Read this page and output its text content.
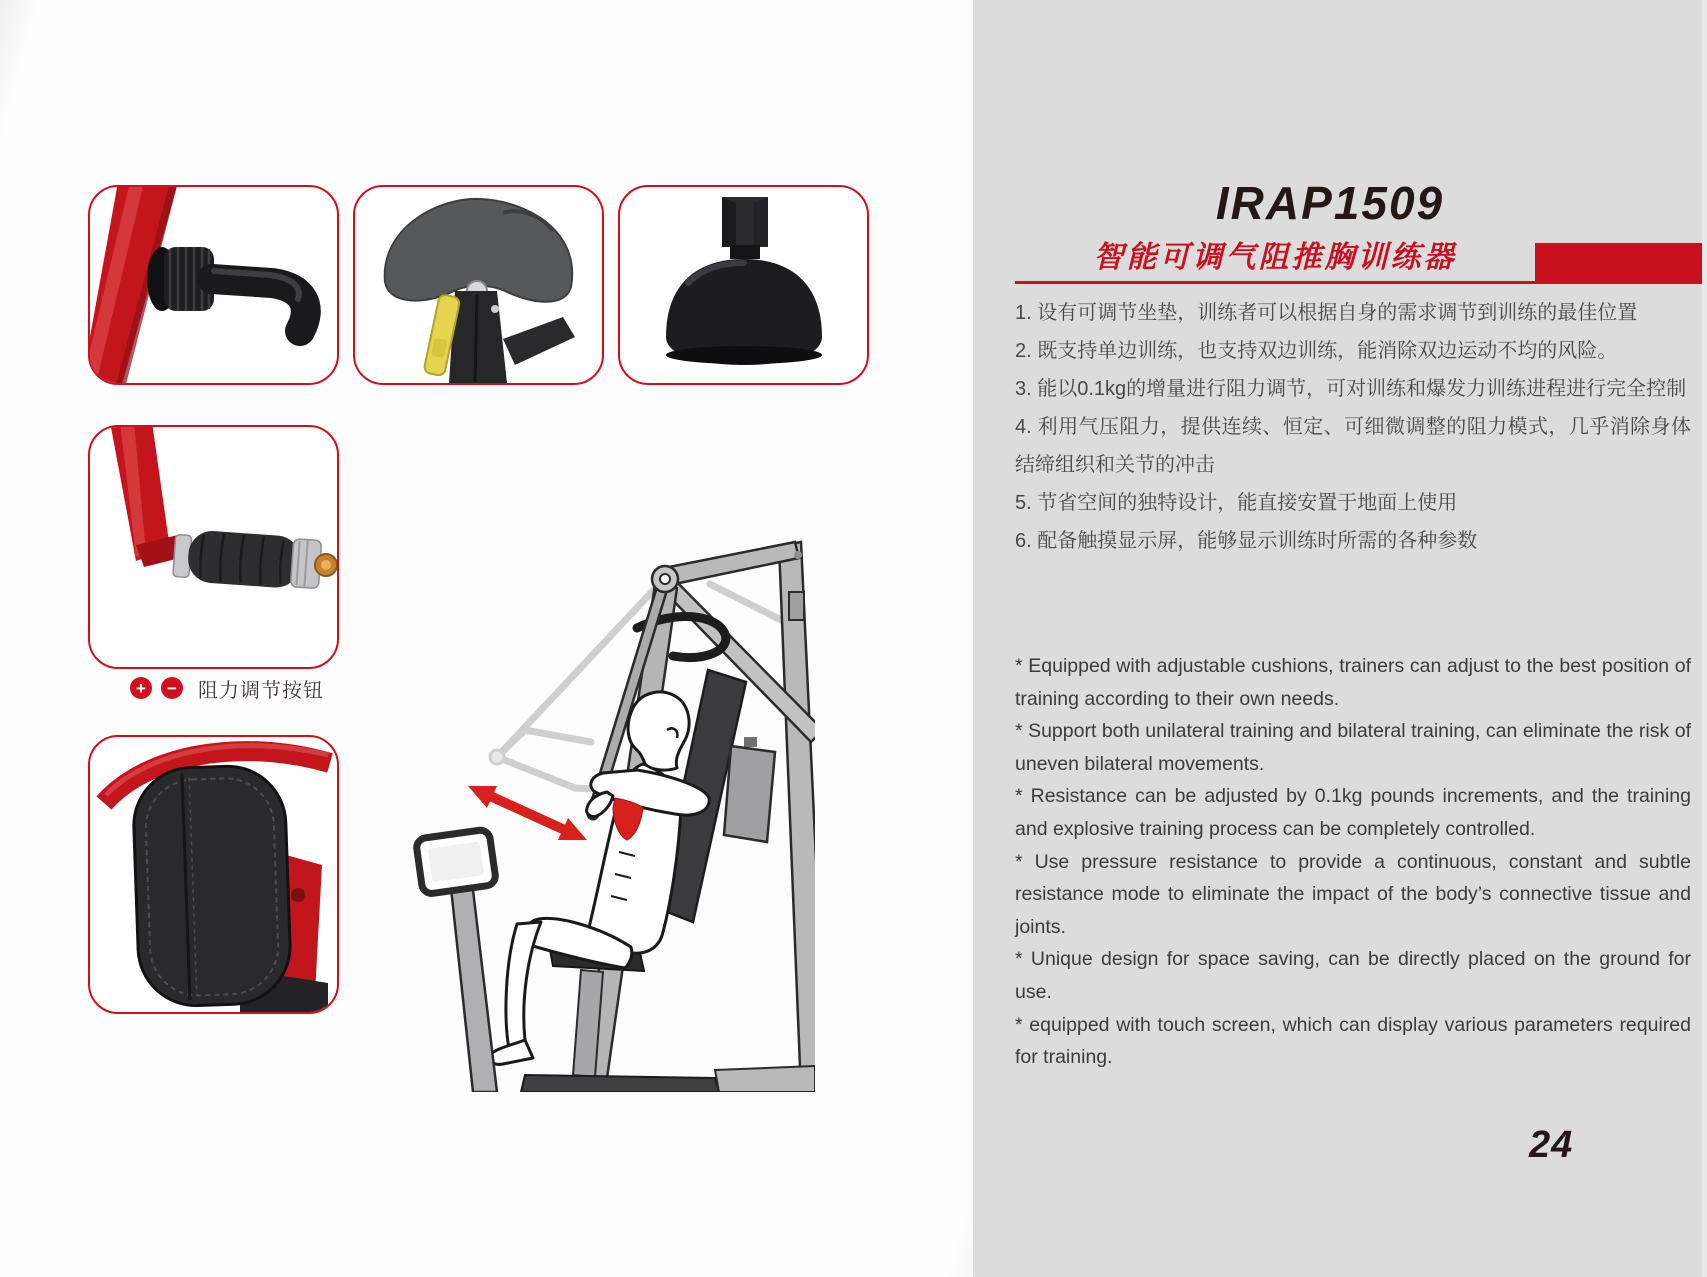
+	−	阻力调节按钮
IRAP1509
智能可调气阻推胸训练器
1. 设有可调节坐垫，训练者可以根据自身的需求调节到训练的最佳位置
2. 既支持单边训练，也支持双边训练，能消除双边运动不均的风险。
3. 能以0.1kg的增量进行阻力调节，可对训练和爆发力训练进程进行完全控制
4. 利用气压阻力，提供连续、恒定、可细微调整的阻力模式，几乎消除身体结缔组织和关节的冲击
5. 节省空间的独特设计，能直接安置于地面上使用
6. 配备触摸显示屏，能够显示训练时所需的各种参数

* Equipped with adjustable cushions, trainers can adjust to the best position of training according to their own needs.

* Support both unilateral training and bilateral training, can eliminate the risk of uneven bilateral movements.

* Resistance can be adjusted by 0.1kg pounds increments, and the training and explosive training process can be completely controlled.

* Use pressure resistance to provide a continuous, constant and subtle resistance mode to eliminate the impact of the body’s connective tissue and joints.

* Unique design for space saving, can be directly placed on the ground for use.

* equipped with touch screen, which can display various parameters required for training.

24
